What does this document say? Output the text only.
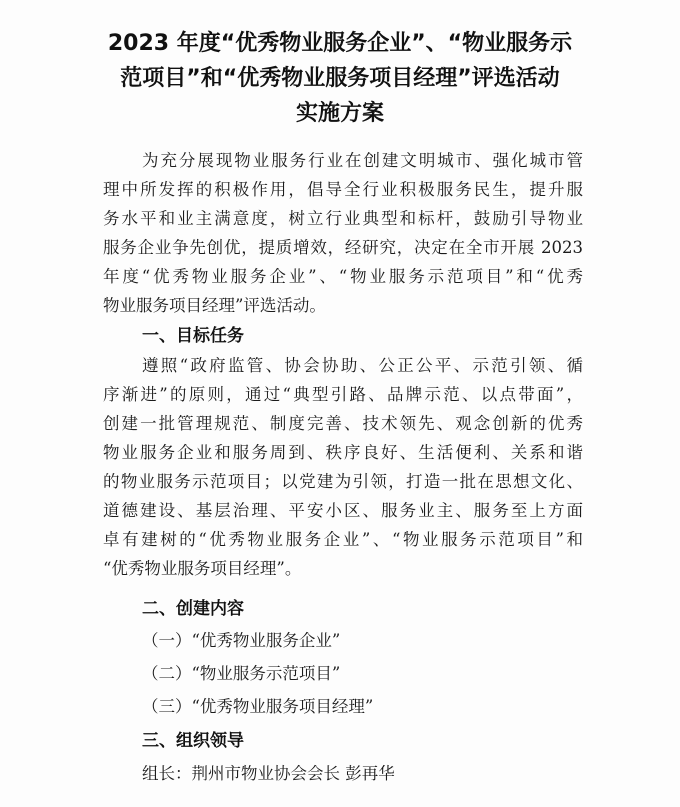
2023 年度“优秀物业服务企业”、“物业服务示
范项目”和“优秀物业服务项目经理”评选活动
实施方案
为充分展现物业服务行业在创建文明城市、强化城市管
理中所发挥的积极作用，倡导全行业积极服务民生，提升服
务水平和业主满意度，树立行业典型和标杆，鼓励引导物业
服务企业争先创优，提质增效，经研究，决定在全市开展 2023
年度“优秀物业服务企业”、“物业服务示范项目”和“优秀
物业服务项目经理”评选活动。
一、目标任务
遵照“政府监管、协会协助、公正公平、示范引领、循
序渐进”的原则，通过“典型引路、品牌示范、以点带面”，
创建一批管理规范、制度完善、技术领先、观念创新的优秀
物业服务企业和服务周到、秩序良好、生活便利、关系和谐
的物业服务示范项目；以党建为引领，打造一批在思想文化、
道德建设、基层治理、平安小区、服务业主、服务至上方面
卓有建树的“优秀物业服务企业”、“物业服务示范项目”和
“优秀物业服务项目经理”。
二、创建内容
（一）“优秀物业服务企业”
（二）“物业服务示范项目”
（三）“优秀物业服务项目经理”
三、组织领导
组长：荆州市物业协会会长 彭再华
